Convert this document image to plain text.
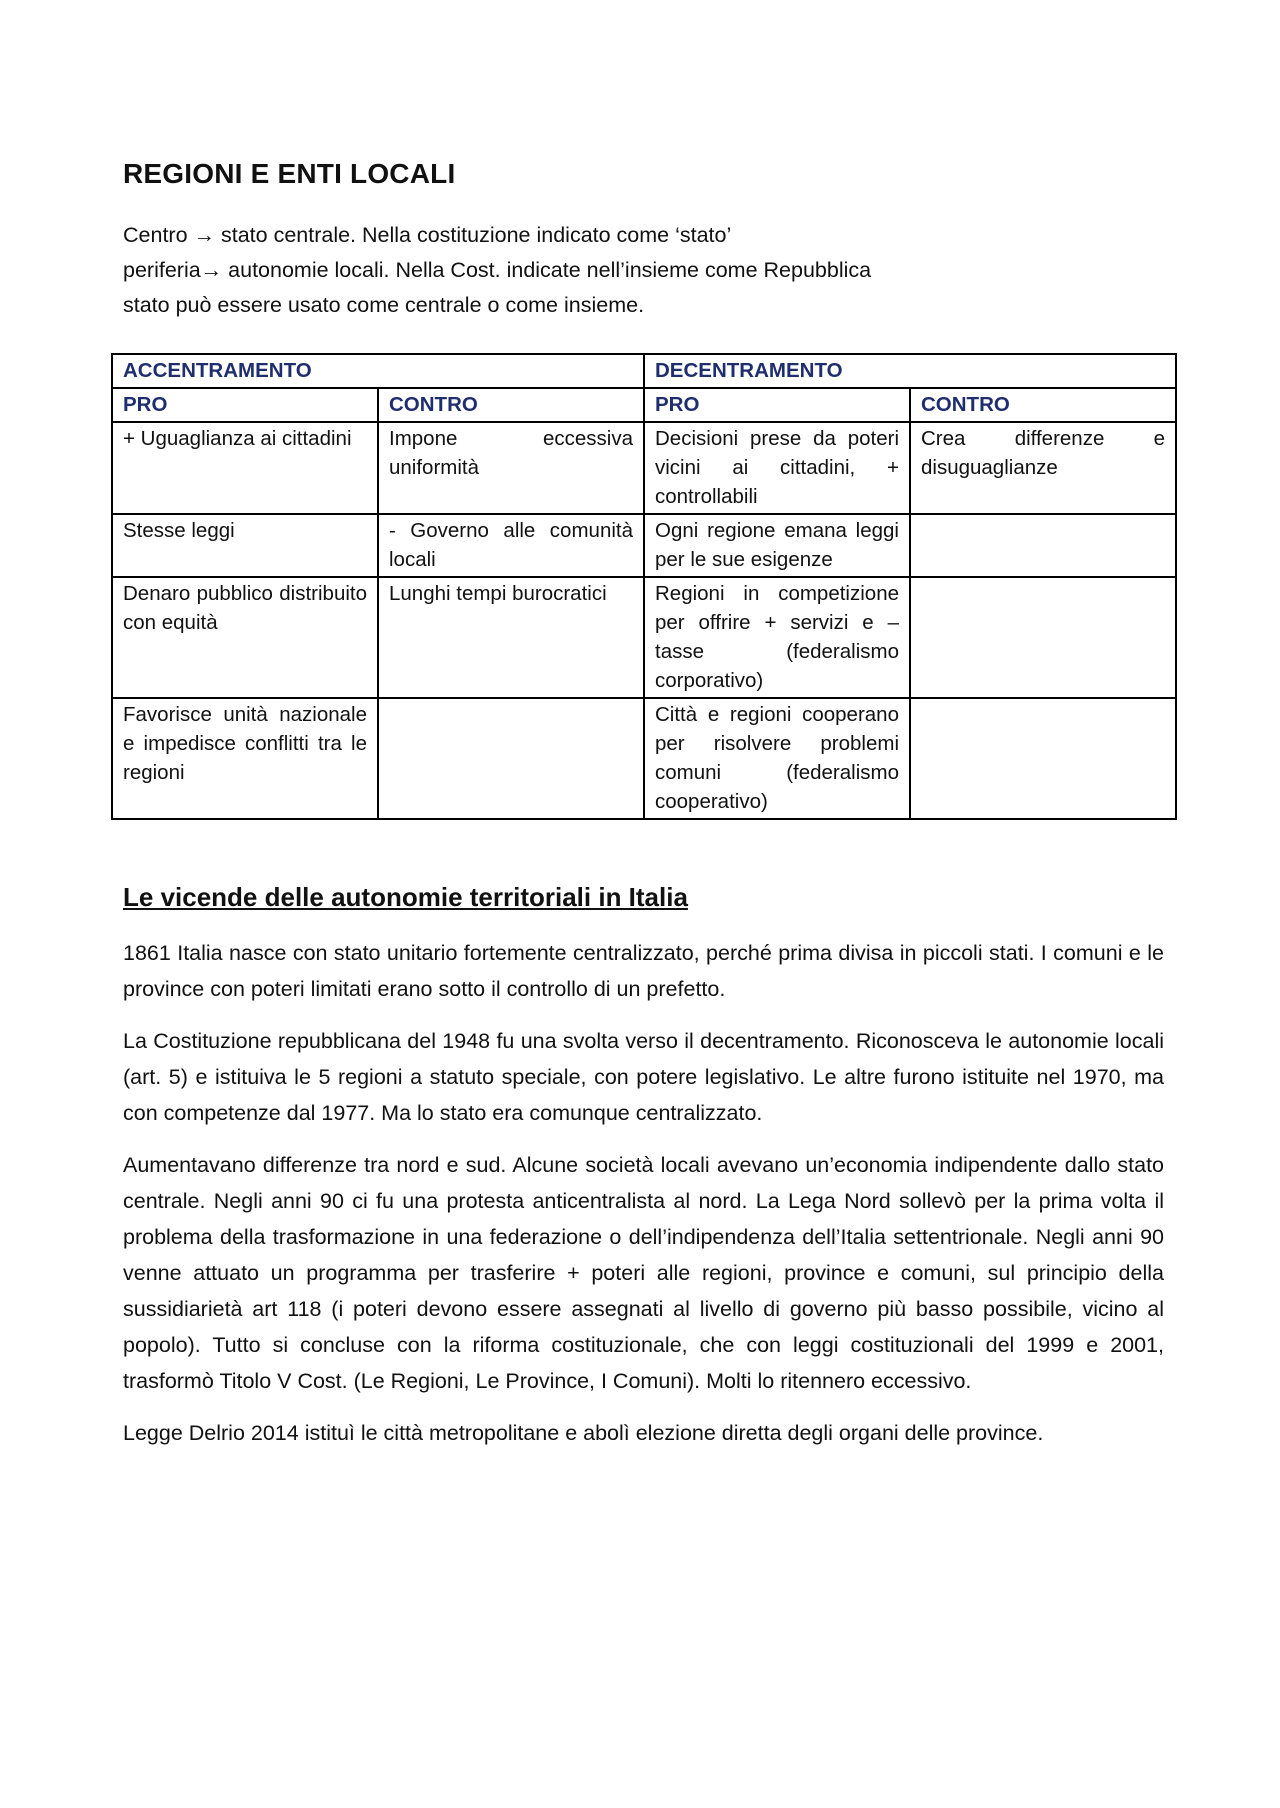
REGIONI E ENTI LOCALI

Centro → stato centrale. Nella costituzione indicato come ‘stato’

periferia→ autonomie locali. Nella Cost. indicate nell’insieme come Repubblica

stato può essere usato come centrale o come insieme.

ACCENTRAMENTO		DECENTRAMENTO	
PRO	CONTRO	PRO	CONTRO
+ Uguaglianza ai cittadini	Impone eccessiva uniformità	Decisioni prese da poteri vicini ai cittadini, + controllabili	Crea differenze e disuguaglianze
Stesse leggi	- Governo alle comunità locali	Ogni regione emana leggi per le sue esigenze	
Denaro pubblico distribuito con equità	Lunghi tempi burocratici	Regioni in competizione per offrire + servizi e – tasse (federalismo corporativo)	
Favorisce unità nazionale e impedisce conflitti tra le regioni		Città e regioni cooperano per risolvere problemi comuni (federalismo cooperativo)	
Le vicende delle autonomie territoriali in Italia

1861 Italia nasce con stato unitario fortemente centralizzato, perché prima divisa in piccoli stati. I comuni e le province con poteri limitati erano sotto il controllo di un prefetto.

La Costituzione repubblicana del 1948 fu una svolta verso il decentramento. Riconosceva le autonomie locali (art. 5) e istituiva le 5 regioni a statuto speciale, con potere legislativo. Le altre furono istituite nel 1970, ma con competenze dal 1977. Ma lo stato era comunque centralizzato.

Aumentavano differenze tra nord e sud. Alcune società locali avevano un’economia indipendente dallo stato centrale. Negli anni 90 ci fu una protesta anticentralista al nord. La Lega Nord sollevò per la prima volta il problema della trasformazione in una federazione o dell’indipendenza dell’Italia settentrionale. Negli anni 90 venne attuato un programma per trasferire + poteri alle regioni, province e comuni, sul principio della sussidiarietà art 118 (i poteri devono essere assegnati al livello di governo più basso possibile, vicino al popolo). Tutto si concluse con la riforma costituzionale, che con leggi costituzionali del 1999 e 2001, trasformò Titolo V Cost. (Le Regioni, Le Province, I Comuni). Molti lo ritennero eccessivo.

Legge Delrio 2014 istituì le città metropolitane e abolì elezione diretta degli organi delle province.
